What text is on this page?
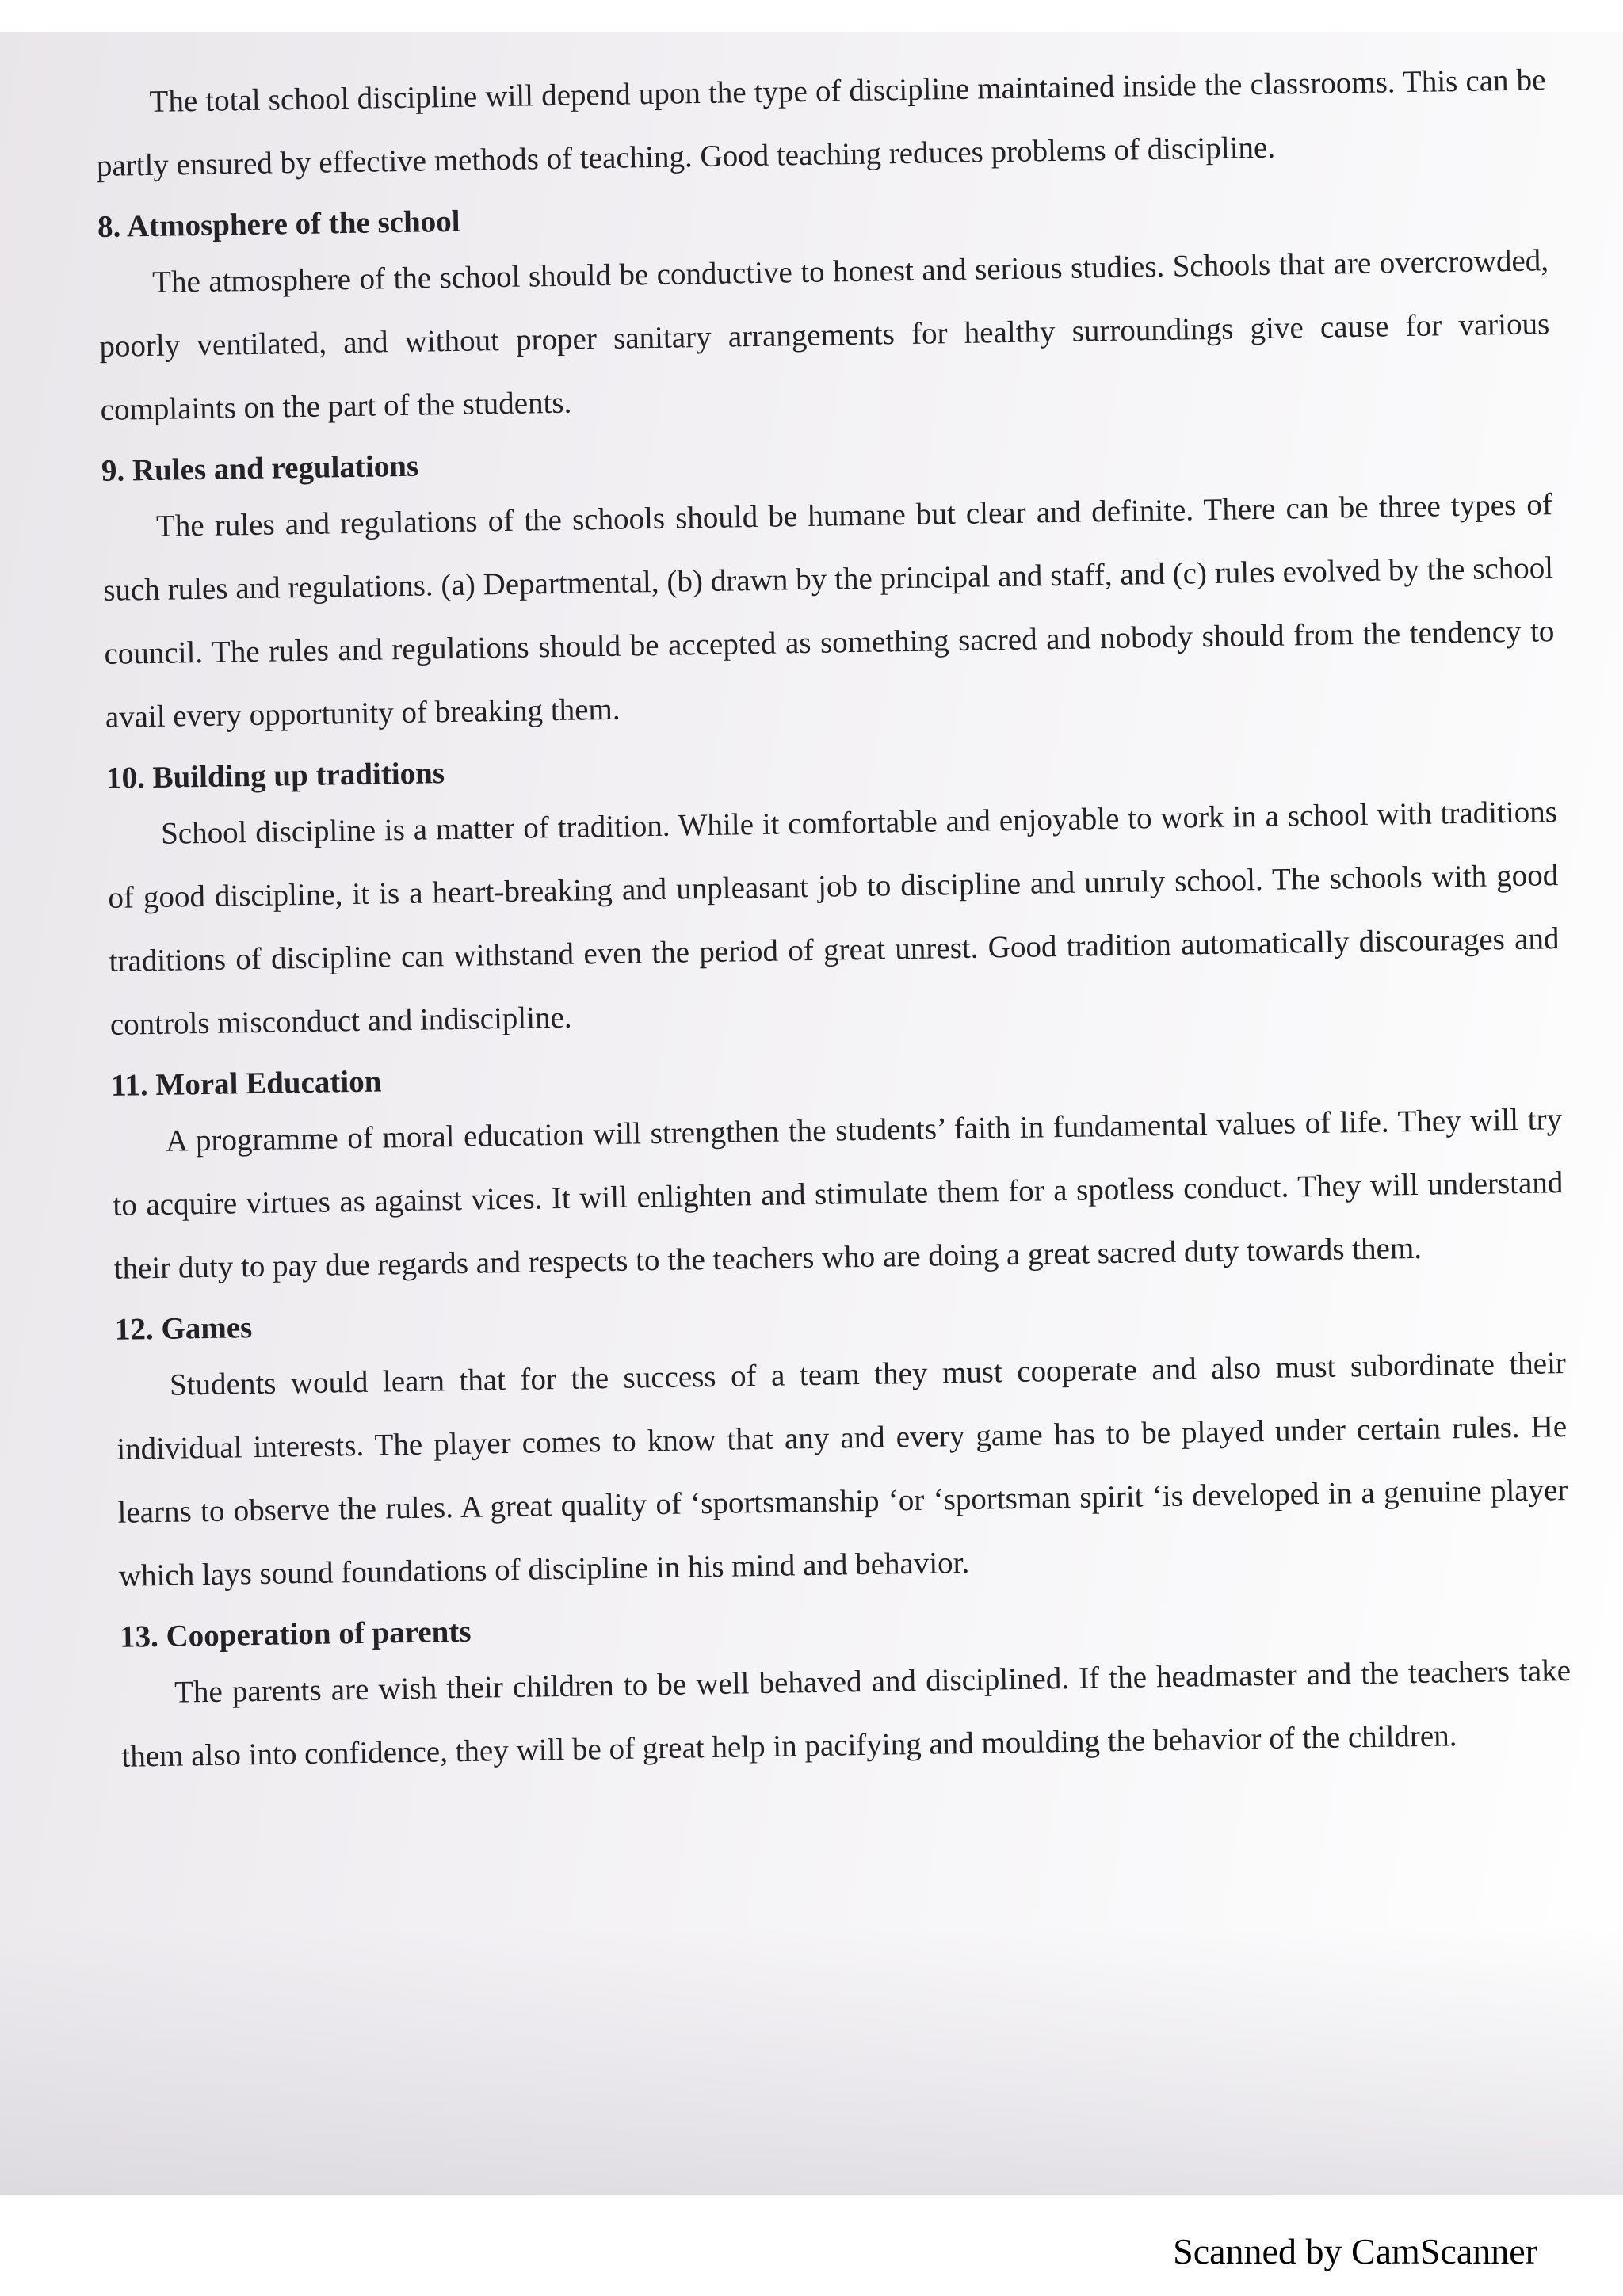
The total school discipline will depend upon the type of discipline maintained inside the classrooms. This can be partly ensured by effective methods of teaching. Good teaching reduces problems of discipline.

8. Atmosphere of the school

The atmosphere of the school should be conductive to honest and serious studies. Schools that are overcrowded, poorly ventilated, and without proper sanitary arrangements for healthy surroundings give cause for various complaints on the part of the students.

9. Rules and regulations

The rules and regulations of the schools should be humane but clear and definite. There can be three types of such rules and regulations. (a) Departmental, (b) drawn by the principal and staff, and (c) rules evolved by the school council. The rules and regulations should be accepted as something sacred and nobody should from the tendency to avail every opportunity of breaking them.

10. Building up traditions

School discipline is a matter of tradition. While it comfortable and enjoyable to work in a school with traditions of good discipline, it is a heart-breaking and unpleasant job to discipline and unruly school. The schools with good traditions of discipline can withstand even the period of great unrest. Good tradition automatically discourages and controls misconduct and indiscipline.

11. Moral Education

A programme of moral education will strengthen the students’ faith in fundamental values of life. They will try to acquire virtues as against vices. It will enlighten and stimulate them for a spotless conduct. They will understand their duty to pay due regards and respects to the teachers who are doing a great sacred duty towards them.

12. Games

Students would learn that for the success of a team they must cooperate and also must subordinate their individual interests. The player comes to know that any and every game has to be played under certain rules. He learns to observe the rules. A great quality of ‘sportsmanship ‘or ‘sportsman spirit ‘is developed in a genuine player which lays sound foundations of discipline in his mind and behavior.

13. Cooperation of parents

The parents are wish their children to be well behaved and disciplined. If the headmaster and the teachers take them also into confidence, they will be of great help in pacifying and moulding the behavior of the children.

Scanned by CamScanner
